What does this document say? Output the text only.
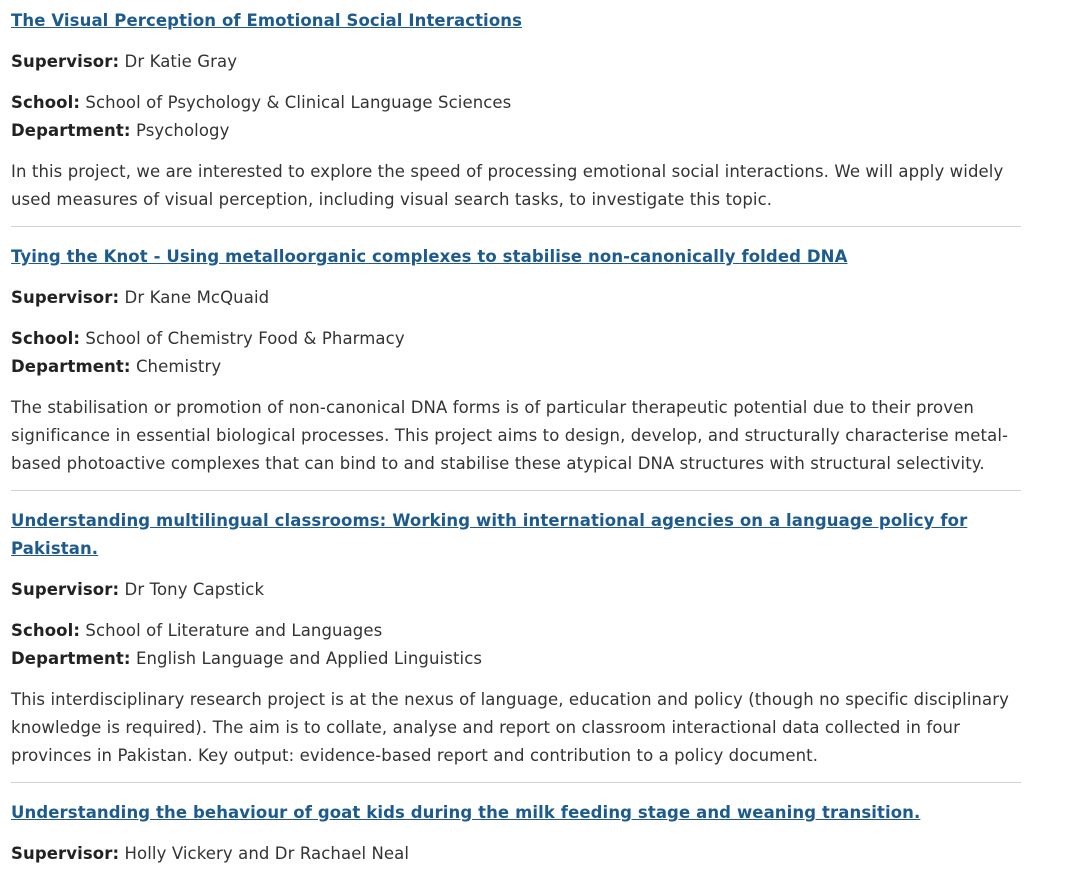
The Visual Perception of Emotional Social Interactions
Supervisor: Dr Katie Gray
School: School of Psychology & Clinical Language Sciences
Department: Psychology
In this project, we are interested to explore the speed of processing emotional social interactions. We will apply widely used measures of visual perception, including visual search tasks, to investigate this topic.
Tying the Knot - Using metalloorganic complexes to stabilise non-canonically folded DNA
Supervisor: Dr Kane McQuaid
School: School of Chemistry Food & Pharmacy
Department: Chemistry
The stabilisation or promotion of non-canonical DNA forms is of particular therapeutic potential due to their proven significance in essential biological processes. This project aims to design, develop, and structurally characterise metal-based photoactive complexes that can bind to and stabilise these atypical DNA structures with structural selectivity.
Understanding multilingual classrooms: Working with international agencies on a language policy for Pakistan.
Supervisor: Dr Tony Capstick
School: School of Literature and Languages
Department: English Language and Applied Linguistics
This interdisciplinary research project is at the nexus of language, education and policy (though no specific disciplinary knowledge is required). The aim is to collate, analyse and report on classroom interactional data collected in four provinces in Pakistan. Key output: evidence-based report and contribution to a policy document.
Understanding the behaviour of goat kids during the milk feeding stage and weaning transition.
Supervisor: Holly Vickery and Dr Rachael Neal
